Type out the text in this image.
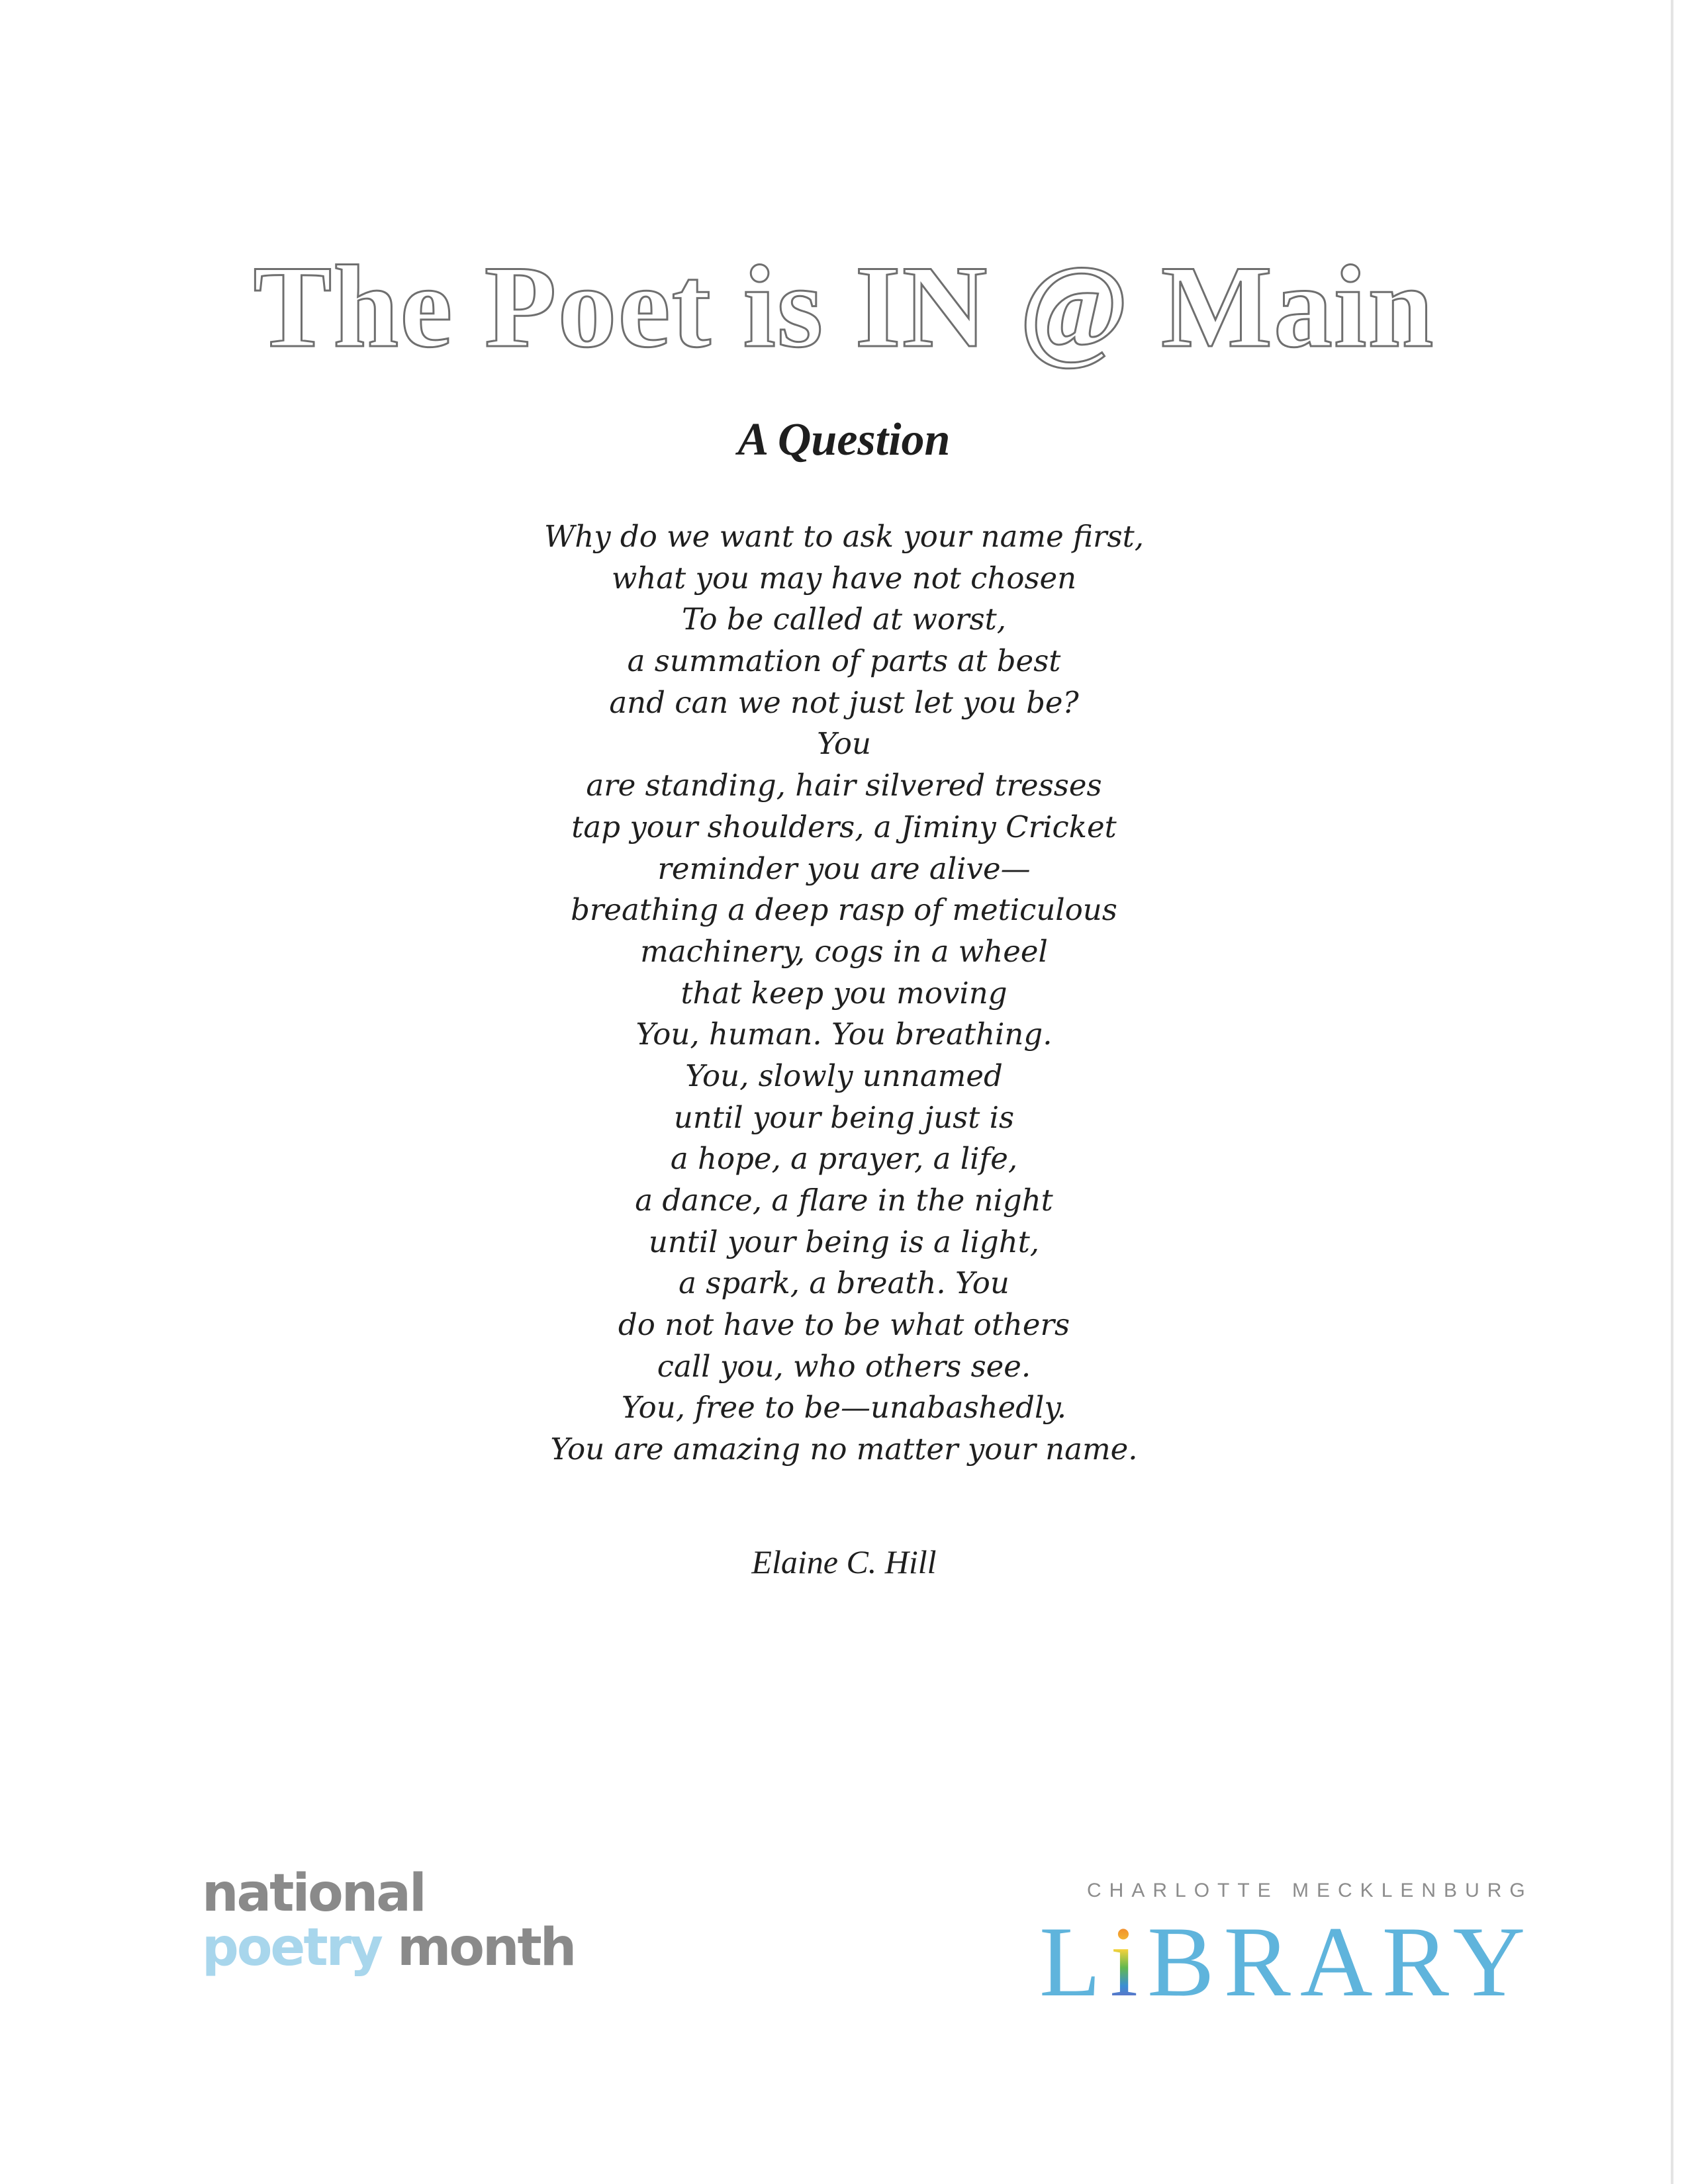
The Poet is IN @ Main
A Question
Why do we want to ask your name first,
what you may have not chosen
To be called at worst,
a summation of parts at best
and can we not just let you be?
You
are standing, hair silvered tresses
tap your shoulders, a Jiminy Cricket
reminder you are alive—
breathing a deep rasp of meticulous
machinery, cogs in a wheel
that keep you moving
You, human. You breathing.
You, slowly unnamed
until your being just is
a hope, a prayer, a life,
a dance, a flare in the night
until your being is a light,
a spark, a breath. You
do not have to be what others
call you, who others see.
You, free to be—unabashedly.
You are amazing no matter your name.

Elaine C. Hill

national
poetry month
CHARLOTTE MECKLENBURG
LiBRARY
